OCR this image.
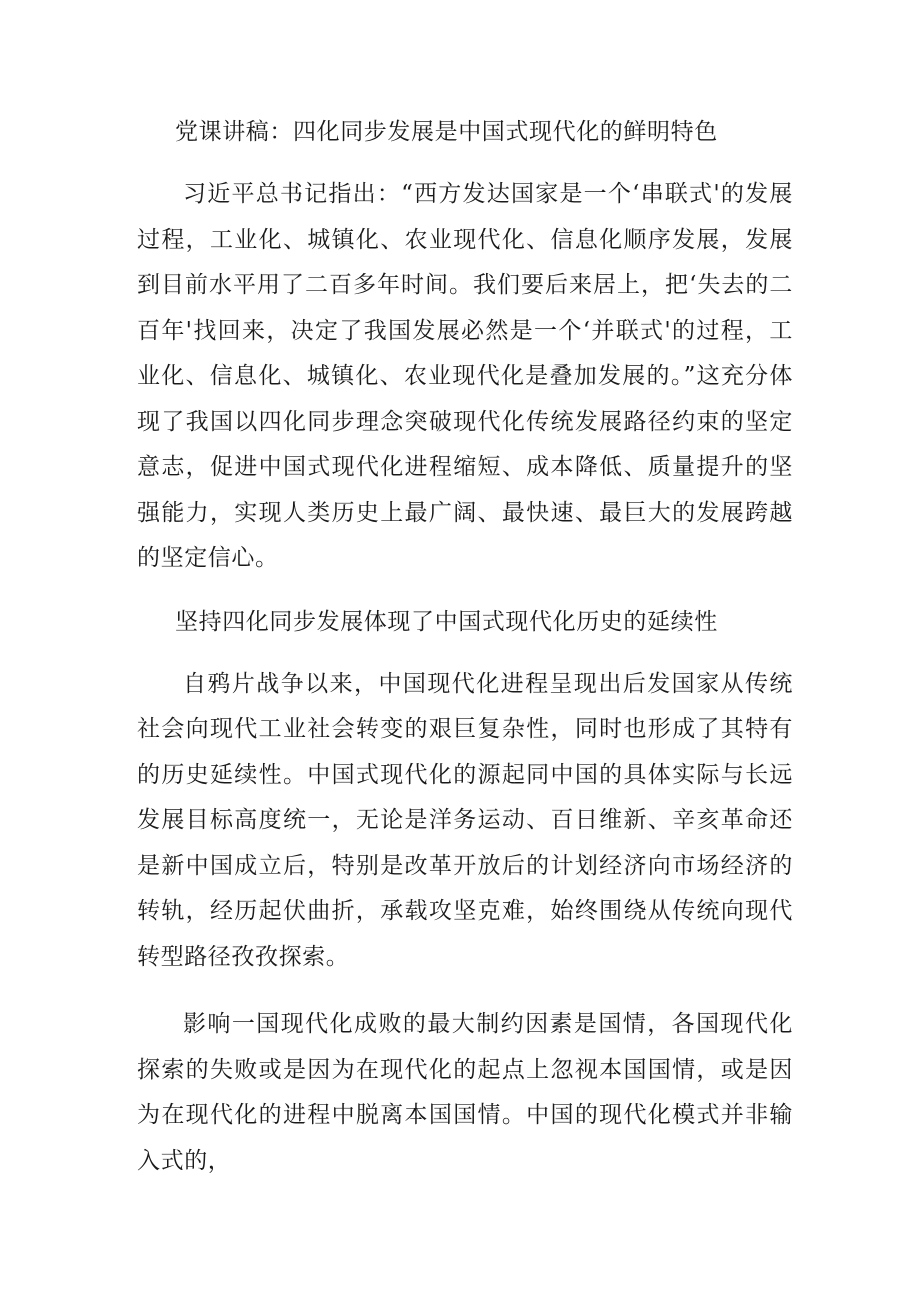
党课讲稿：四化同步发展是中国式现代化的鲜明特色

习近平总书记指出：“西方发达国家是一个‘串联式'的发展过程，工业化、城镇化、农业现代化、信息化顺序发展，发展到目前水平用了二百多年时间。我们要后来居上，把‘失去的二百年'找回来，决定了我国发展必然是一个‘并联式'的过程，工业化、信息化、城镇化、农业现代化是叠加发展的。”这充分体现了我国以四化同步理念突破现代化传统发展路径约束的坚定意志，促进中国式现代化进程缩短、成本降低、质量提升的坚强能力，实现人类历史上最广阔、最快速、最巨大的发展跨越的坚定信心。

坚持四化同步发展体现了中国式现代化历史的延续性

自鸦片战争以来，中国现代化进程呈现出后发国家从传统社会向现代工业社会转变的艰巨复杂性，同时也形成了其特有的历史延续性。中国式现代化的源起同中国的具体实际与长远发展目标高度统一，无论是洋务运动、百日维新、辛亥革命还是新中国成立后，特别是改革开放后的计划经济向市场经济的转轨，经历起伏曲折，承载攻坚克难，始终围绕从传统向现代转型路径孜孜探索。

影响一国现代化成败的最大制约因素是国情，各国现代化探索的失败或是因为在现代化的起点上忽视本国国情，或是因为在现代化的进程中脱离本国国情。中国的现代化模式并非输入式的，
